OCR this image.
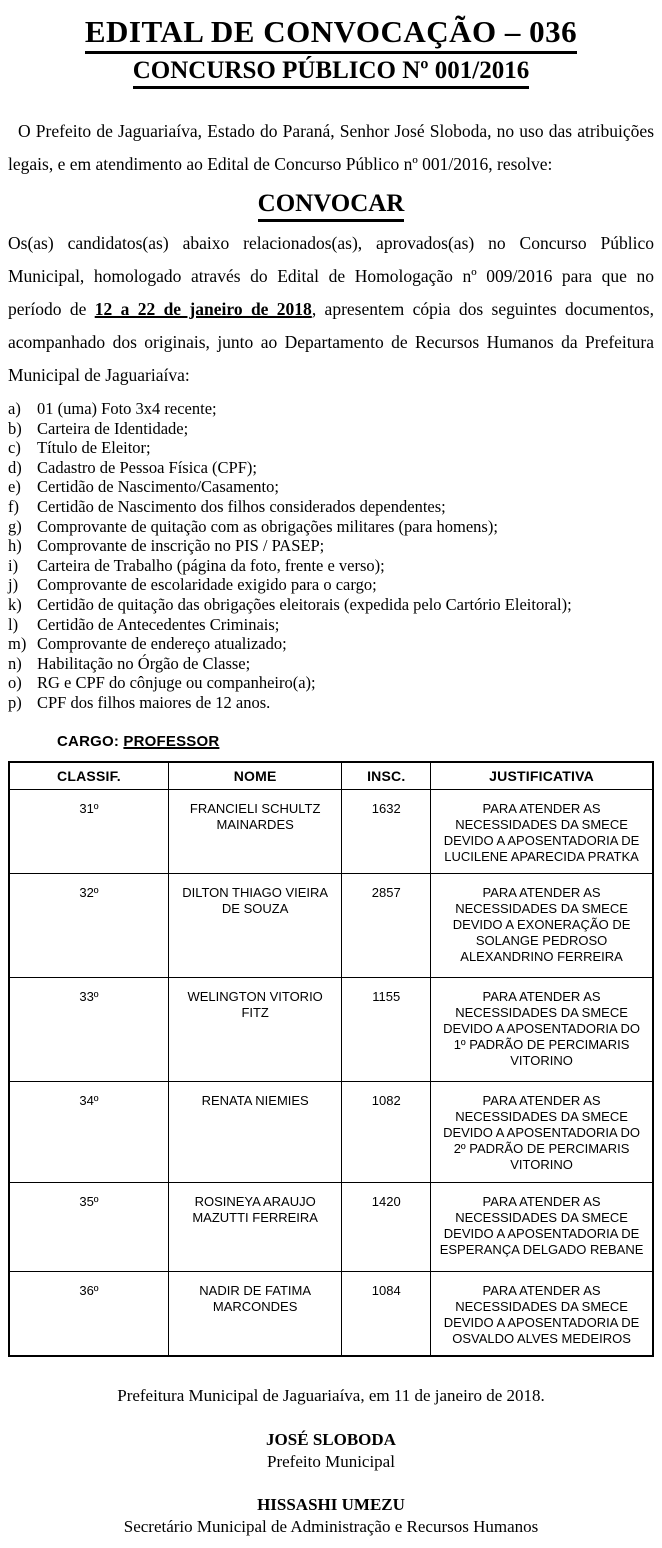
EDITAL DE CONVOCAÇÃO – 036
CONCURSO PÚBLICO Nº 001/2016

O Prefeito de Jaguariaíva, Estado do Paraná, Senhor José Sloboda, no uso das atribuições legais, e em atendimento ao Edital de Concurso Público nº 001/2016, resolve:

CONVOCAR

Os(as) candidatos(as) abaixo relacionados(as), aprovados(as) no Concurso Público Municipal, homologado através do Edital de Homologação nº 009/2016 para que no período de 12 a 22 de janeiro de 2018, apresentem cópia dos seguintes documentos, acompanhado dos originais, junto ao Departamento de Recursos Humanos da Prefeitura Municipal de Jaguariaíva:

a) 01 (uma) Foto 3x4 recente;
b) Carteira de Identidade;
c) Título de Eleitor;
d) Cadastro de Pessoa Física (CPF);
e) Certidão de Nascimento/Casamento;
f)	Certidão de Nascimento dos filhos considerados dependentes;
g) Comprovante de quitação com as obrigações militares (para homens);
h) Comprovante de inscrição no PIS / PASEP;
i)	Carteira de Trabalho (página da foto, frente e verso);
j)	Comprovante de escolaridade exigido para o cargo;
k) Certidão de quitação das obrigações eleitorais (expedida pelo Cartório Eleitoral);
l)	Certidão de Antecedentes Criminais;
m) Comprovante de endereço atualizado;
n) Habilitação no Órgão de Classe;
o) RG e CPF do cônjuge ou companheiro(a);
p) CPF dos filhos maiores de 12 anos.
CARGO: PROFESSOR
CLASSIF.	NOME	INSC.	JUSTIFICATIVA
31º	FRANCIELI SCHULTZ MAINARDES	1632	PARA ATENDER AS NECESSIDADES DA SMECE DEVIDO A APOSENTADORIA DE LUCILENE APARECIDA PRATKA
32º	DILTON THIAGO VIEIRA DE SOUZA	2857	PARA ATENDER AS NECESSIDADES DA SMECE DEVIDO A EXONERAÇÃO DE SOLANGE PEDROSO ALEXANDRINO FERREIRA
33º	WELINGTON VITORIO FITZ	1155	PARA ATENDER AS NECESSIDADES DA SMECE DEVIDO A APOSENTADORIA DO 1º PADRÃO DE PERCIMARIS VITORINO
34º	RENATA NIEMIES	1082	PARA ATENDER AS NECESSIDADES DA SMECE DEVIDO A APOSENTADORIA DO 2º PADRÃO DE PERCIMARIS VITORINO
35º	ROSINEYA ARAUJO MAZUTTI FERREIRA	1420	PARA ATENDER AS NECESSIDADES DA SMECE DEVIDO A APOSENTADORIA DE ESPERANÇA DELGADO REBANE
36º	NADIR DE FATIMA MARCONDES	1084	PARA ATENDER AS NECESSIDADES DA SMECE DEVIDO A APOSENTADORIA DE OSVALDO ALVES MEDEIROS

Prefeitura Municipal de Jaguariaíva, em 11 de janeiro de 2018.

JOSÉ SLOBODA
Prefeito Municipal
HISSASHI UMEZU
Secretário Municipal de Administração e Recursos Humanos
